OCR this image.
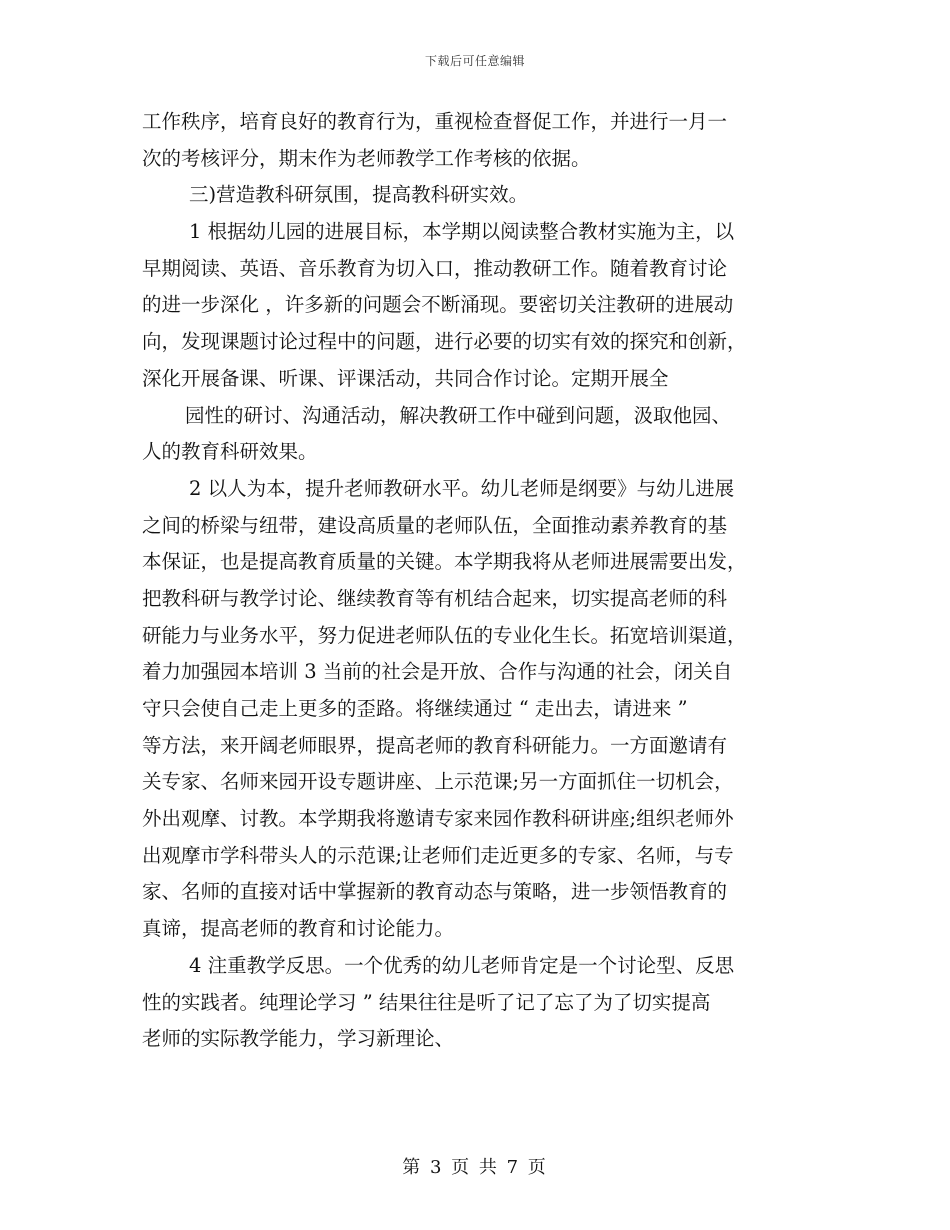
下载后可任意编辑
工作秩序，培育良好的教育行为，重视检查督促工作，并进行一月一
次的考核评分，期末作为老师教学工作考核的依据。
三)营造教科研氛围，提高教科研实效。
1 根据幼儿园的进展目标，本学期以阅读整合教材实施为主，以
早期阅读、英语、音乐教育为切入口，推动教研工作。随着教育讨论
的进一步深化 ，许多新的问题会不断涌现。要密切关注教研的进展动
向，发现课题讨论过程中的问题，进行必要的切实有效的探究和创新，
深化开展备课、听课、评课活动，共同合作讨论。定期开展全
园性的研讨、沟通活动，解决教研工作中碰到问题，汲取他园、
人的教育科研效果。
2 以人为本，提升老师教研水平。幼儿老师是纲要》与幼儿进展
之间的桥梁与纽带，建设高质量的老师队伍，全面推动素养教育的基
本保证，也是提高教育质量的关键。本学期我将从老师进展需要出发，
把教科研与教学讨论、继续教育等有机结合起来，切实提高老师的科
研能力与业务水平，努力促进老师队伍的专业化生长。拓宽培训渠道，
着力加强园本培训 3 当前的社会是开放、合作与沟通的社会，闭关自
守只会使自己走上更多的歪路。将继续通过 “ 走出去，请进来 ”
等方法，来开阔老师眼界，提高老师的教育科研能力。一方面邀请有
关专家、名师来园开设专题讲座、上示范课;另一方面抓住一切机会，
外出观摩、讨教。本学期我将邀请专家来园作教科研讲座;组织老师外
出观摩市学科带头人的示范课;让老师们走近更多的专家、名师，与专
家、名师的直接对话中掌握新的教育动态与策略，进一步领悟教育的
真谛，提高老师的教育和讨论能力。
4 注重教学反思。一个优秀的幼儿老师肯定是一个讨论型、反思
性的实践者。纯理论学习 ” 结果往往是听了记了忘了为了切实提高
老师的实际教学能力，学习新理论、
第 3 页 共 7 页
